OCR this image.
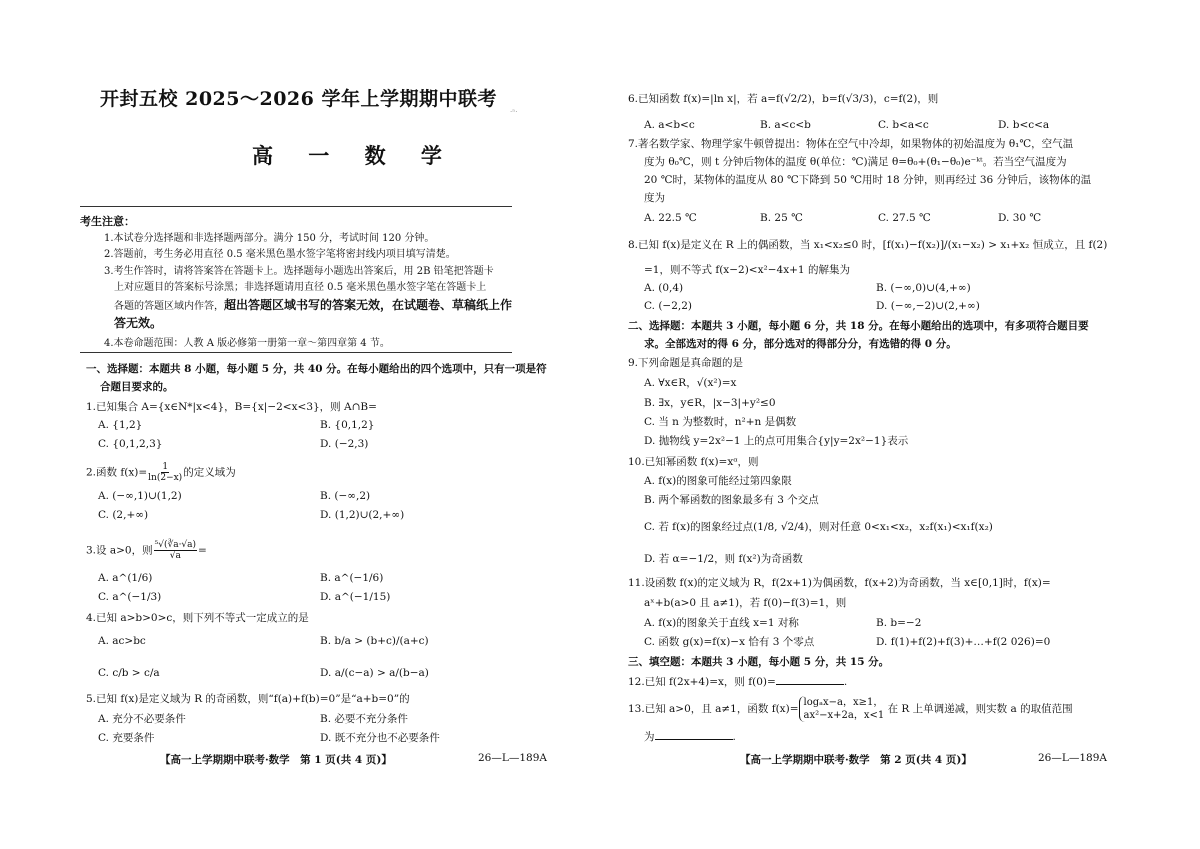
开封五校 2025～2026 学年上学期期中联考
·ⁿ·
高 一 数 学
考生注意：
1.本试卷分选择题和非选择题两部分。满分 150 分，考试时间 120 分钟。
2.答题前，考生务必用直径 0.5 毫米黑色墨水签字笔将密封线内项目填写清楚。
3.考生作答时，请将答案答在答题卡上。选择题每小题选出答案后，用 2B 铅笔把答题卡
上对应题目的答案标号涂黑；非选择题请用直径 0.5 毫米黑色墨水签字笔在答题卡上
各题的答题区域内作答，超出答题区域书写的答案无效，在试题卷、草稿纸上作
答无效。
4.本卷命题范围：人教 A 版必修第一册第一章～第四章第 4 节。
一、选择题：本题共 8 小题，每小题 5 分，共 40 分。在每小题给出的四个选项中，只有一项是符
合题目要求的。
1.已知集合 A={x∈N*|x<4}，B={x|−2<x<3}，则 A∩B=
A. {1,2}	B. {0,1,2}
C. {0,1,2,3}	D. (−2,3)
2.函数 $f(x)= \frac{1}{\ln(2-x)}$ 的定义域为
A. (−∞,1)∪(1,2)	B. (−∞,2)
C. (2,+∞)	D. (1,2)∪(2,+∞)
3.设 a>0，则 $\frac{\text{⁵√(∛a·√a)}}{√a}$ =
A. a^(1/6)	B. a^(−1/6)
C. a^(−1/3)	D. a^(−1/15)
4.已知 a>b>0>c，则下列不等式一定成立的是
A. ac>bc	B. b/a > (b+c)/(a+c)
C. c/b > c/a	D. a/(c−a) > a/(b−a)
5.已知 f(x)是定义域为 R 的奇函数，则“f(a)+f(b)=0”是“a+b=0”的
A. 充分不必要条件	B. 必要不充分条件
C. 充要条件	D. 既不充分也不必要条件
【高一上学期期中联考·数学　第 1 页(共 4 页)】	26—L—189A
6.已知函数 f(x)=|ln x|，若 a=f(√2/2)，b=f(√3/3)，c=f(2)，则
A. a<b<c	B. a<c<b	C. b<a<c	D. b<c<a
7.著名数学家、物理学家牛顿曾提出：物体在空气中冷却，如果物体的初始温度为 θ₁℃，空气温
度为 θ₀℃，则 t 分钟后物体的温度 θ(单位：℃)满足 θ=θ₀+(θ₁−θ₀)e⁻ᵏᵗ。若当空气温度为
20 ℃时，某物体的温度从 80 ℃下降到 50 ℃用时 18 分钟，则再经过 36 分钟后，该物体的温
度为
A. 22.5 ℃	B. 25 ℃	C. 27.5 ℃	D. 30 ℃
8.已知 f(x)是定义在 R 上的偶函数，当 x₁<x₂≤0 时，[f(x₁)−f(x₂)]/(x₁−x₂) > x₁+x₂ 恒成立，且 f(2)
=1，则不等式 f(x−2)<x²−4x+1 的解集为
A. (0,4)	B. (−∞,0)∪(4,+∞)
C. (−2,2)	D. (−∞,−2)∪(2,+∞)
二、选择题：本题共 3 小题，每小题 6 分，共 18 分。在每小题给出的选项中，有多项符合题目要
求。全部选对的得 6 分，部分选对的得部分分，有选错的得 0 分。
9.下列命题是真命题的是
A. ∀x∈R，√(x²)=x
B. ∃x，y∈R，|x−3|+y²≤0
C. 当 n 为整数时，n²+n 是偶数
D. 抛物线 y=2x²−1 上的点可用集合{y|y=2x²−1}表示
10.已知幂函数 f(x)=xᵅ，则
A. f(x)的图象可能经过第四象限
B. 两个幂函数的图象最多有 3 个交点
C. 若 f(x)的图象经过点(1/8, √2/4)，则对任意 0<x₁<x₂，x₂f(x₁)<x₁f(x₂)
D. 若 α=−1/2，则 f(x²)为奇函数
11.设函数 f(x)的定义域为 R，f(2x+1)为偶函数，f(x+2)为奇函数，当 x∈[0,1]时，f(x)=
aˣ+b(a>0 且 a≠1)，若 f(0)−f(3)=1，则
A. f(x)的图象关于直线 x=1 对称	B. b=−2
C. 函数 g(x)=f(x)−x 恰有 3 个零点	D. f(1)+f(2)+f(3)+…+f(2 026)=0
三、填空题：本题共 3 小题，每小题 5 分，共 15 分。
12.已知 f(2x+4)=x，则 f(0)=	.
13.已知 a>0，且 a≠1，函数 f(x)=
logₐx−a，x≥1，
ax²−x+2a，x<1
在 R 上单调递减，则实数 a 的取值范围
为	.
【高一上学期期中联考·数学　第 2 页(共 4 页)】	26—L—189A
